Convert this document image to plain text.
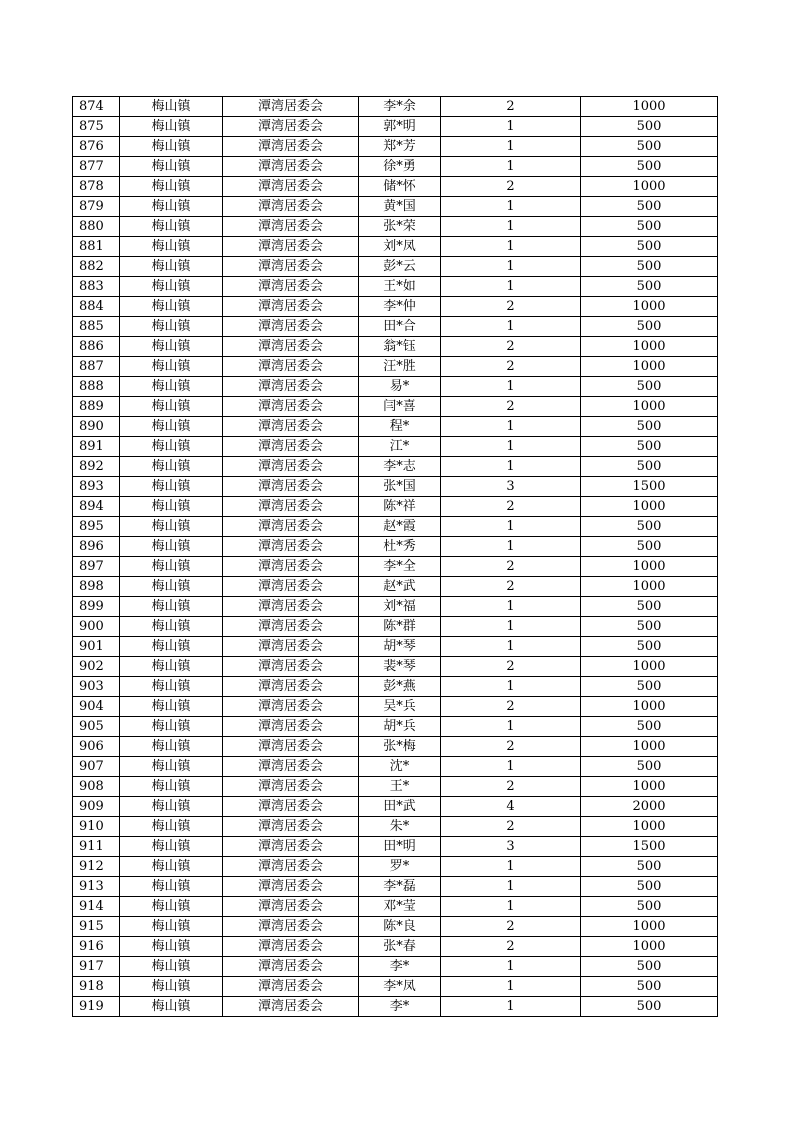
874	梅山镇	潭湾居委会	李*余	2	1000
875	梅山镇	潭湾居委会	郭*明	1	500
876	梅山镇	潭湾居委会	郑*芳	1	500
877	梅山镇	潭湾居委会	徐*勇	1	500
878	梅山镇	潭湾居委会	储*怀	2	1000
879	梅山镇	潭湾居委会	黄*国	1	500
880	梅山镇	潭湾居委会	张*荣	1	500
881	梅山镇	潭湾居委会	刘*凤	1	500
882	梅山镇	潭湾居委会	彭*云	1	500
883	梅山镇	潭湾居委会	王*如	1	500
884	梅山镇	潭湾居委会	李*仲	2	1000
885	梅山镇	潭湾居委会	田*合	1	500
886	梅山镇	潭湾居委会	翁*钰	2	1000
887	梅山镇	潭湾居委会	汪*胜	2	1000
888	梅山镇	潭湾居委会	易*	1	500
889	梅山镇	潭湾居委会	闫*喜	2	1000
890	梅山镇	潭湾居委会	程*	1	500
891	梅山镇	潭湾居委会	江*	1	500
892	梅山镇	潭湾居委会	李*志	1	500
893	梅山镇	潭湾居委会	张*国	3	1500
894	梅山镇	潭湾居委会	陈*祥	2	1000
895	梅山镇	潭湾居委会	赵*霞	1	500
896	梅山镇	潭湾居委会	杜*秀	1	500
897	梅山镇	潭湾居委会	李*全	2	1000
898	梅山镇	潭湾居委会	赵*武	2	1000
899	梅山镇	潭湾居委会	刘*福	1	500
900	梅山镇	潭湾居委会	陈*群	1	500
901	梅山镇	潭湾居委会	胡*琴	1	500
902	梅山镇	潭湾居委会	裴*琴	2	1000
903	梅山镇	潭湾居委会	彭*燕	1	500
904	梅山镇	潭湾居委会	吴*兵	2	1000
905	梅山镇	潭湾居委会	胡*兵	1	500
906	梅山镇	潭湾居委会	张*梅	2	1000
907	梅山镇	潭湾居委会	沈*	1	500
908	梅山镇	潭湾居委会	王*	2	1000
909	梅山镇	潭湾居委会	田*武	4	2000
910	梅山镇	潭湾居委会	朱*	2	1000
911	梅山镇	潭湾居委会	田*明	3	1500
912	梅山镇	潭湾居委会	罗*	1	500
913	梅山镇	潭湾居委会	李*磊	1	500
914	梅山镇	潭湾居委会	邓*莹	1	500
915	梅山镇	潭湾居委会	陈*良	2	1000
916	梅山镇	潭湾居委会	张*春	2	1000
917	梅山镇	潭湾居委会	李*	1	500
918	梅山镇	潭湾居委会	李*凤	1	500
919	梅山镇	潭湾居委会	李*	1	500
